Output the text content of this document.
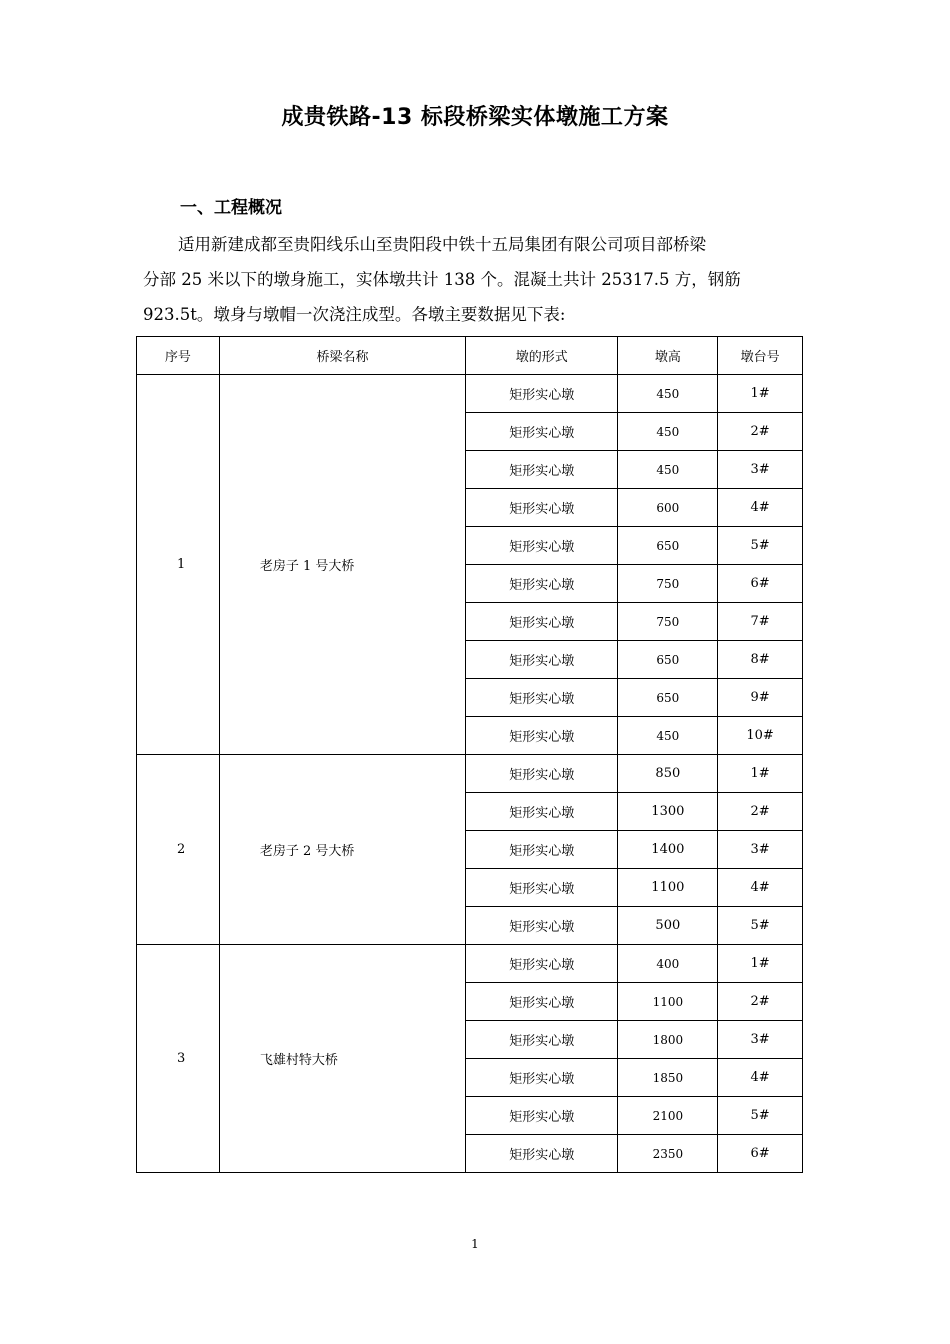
成贵铁路-13 标段桥梁实体墩施工方案
一、工程概况

适用新建成都至贵阳线乐山至贵阳段中铁十五局集团有限公司项目部桥梁

分部 25 米以下的墩身施工，实体墩共计 138 个。混凝土共计 25317.5 方，钢筋

923.5t。墩身与墩帽一次浇注成型。各墩主要数据见下表:

序号	桥梁名称	墩的形式	墩高	墩台号
1	老房子 1 号大桥	矩形实心墩	450	1#
		矩形实心墩	450	2#
		矩形实心墩	450	3#
		矩形实心墩	600	4#
		矩形实心墩	650	5#
		矩形实心墩	750	6#
		矩形实心墩	750	7#
		矩形实心墩	650	8#
		矩形实心墩	650	9#
		矩形实心墩	450	10#
2	老房子 2 号大桥	矩形实心墩	850	1#
		矩形实心墩	1300	2#
		矩形实心墩	1400	3#
		矩形实心墩	1100	4#
		矩形实心墩	500	5#
3	飞雄村特大桥	矩形实心墩	400	1#
		矩形实心墩	1100	2#
		矩形实心墩	1800	3#
		矩形实心墩	1850	4#
		矩形实心墩	2100	5#
		矩形实心墩	2350	6#
1
